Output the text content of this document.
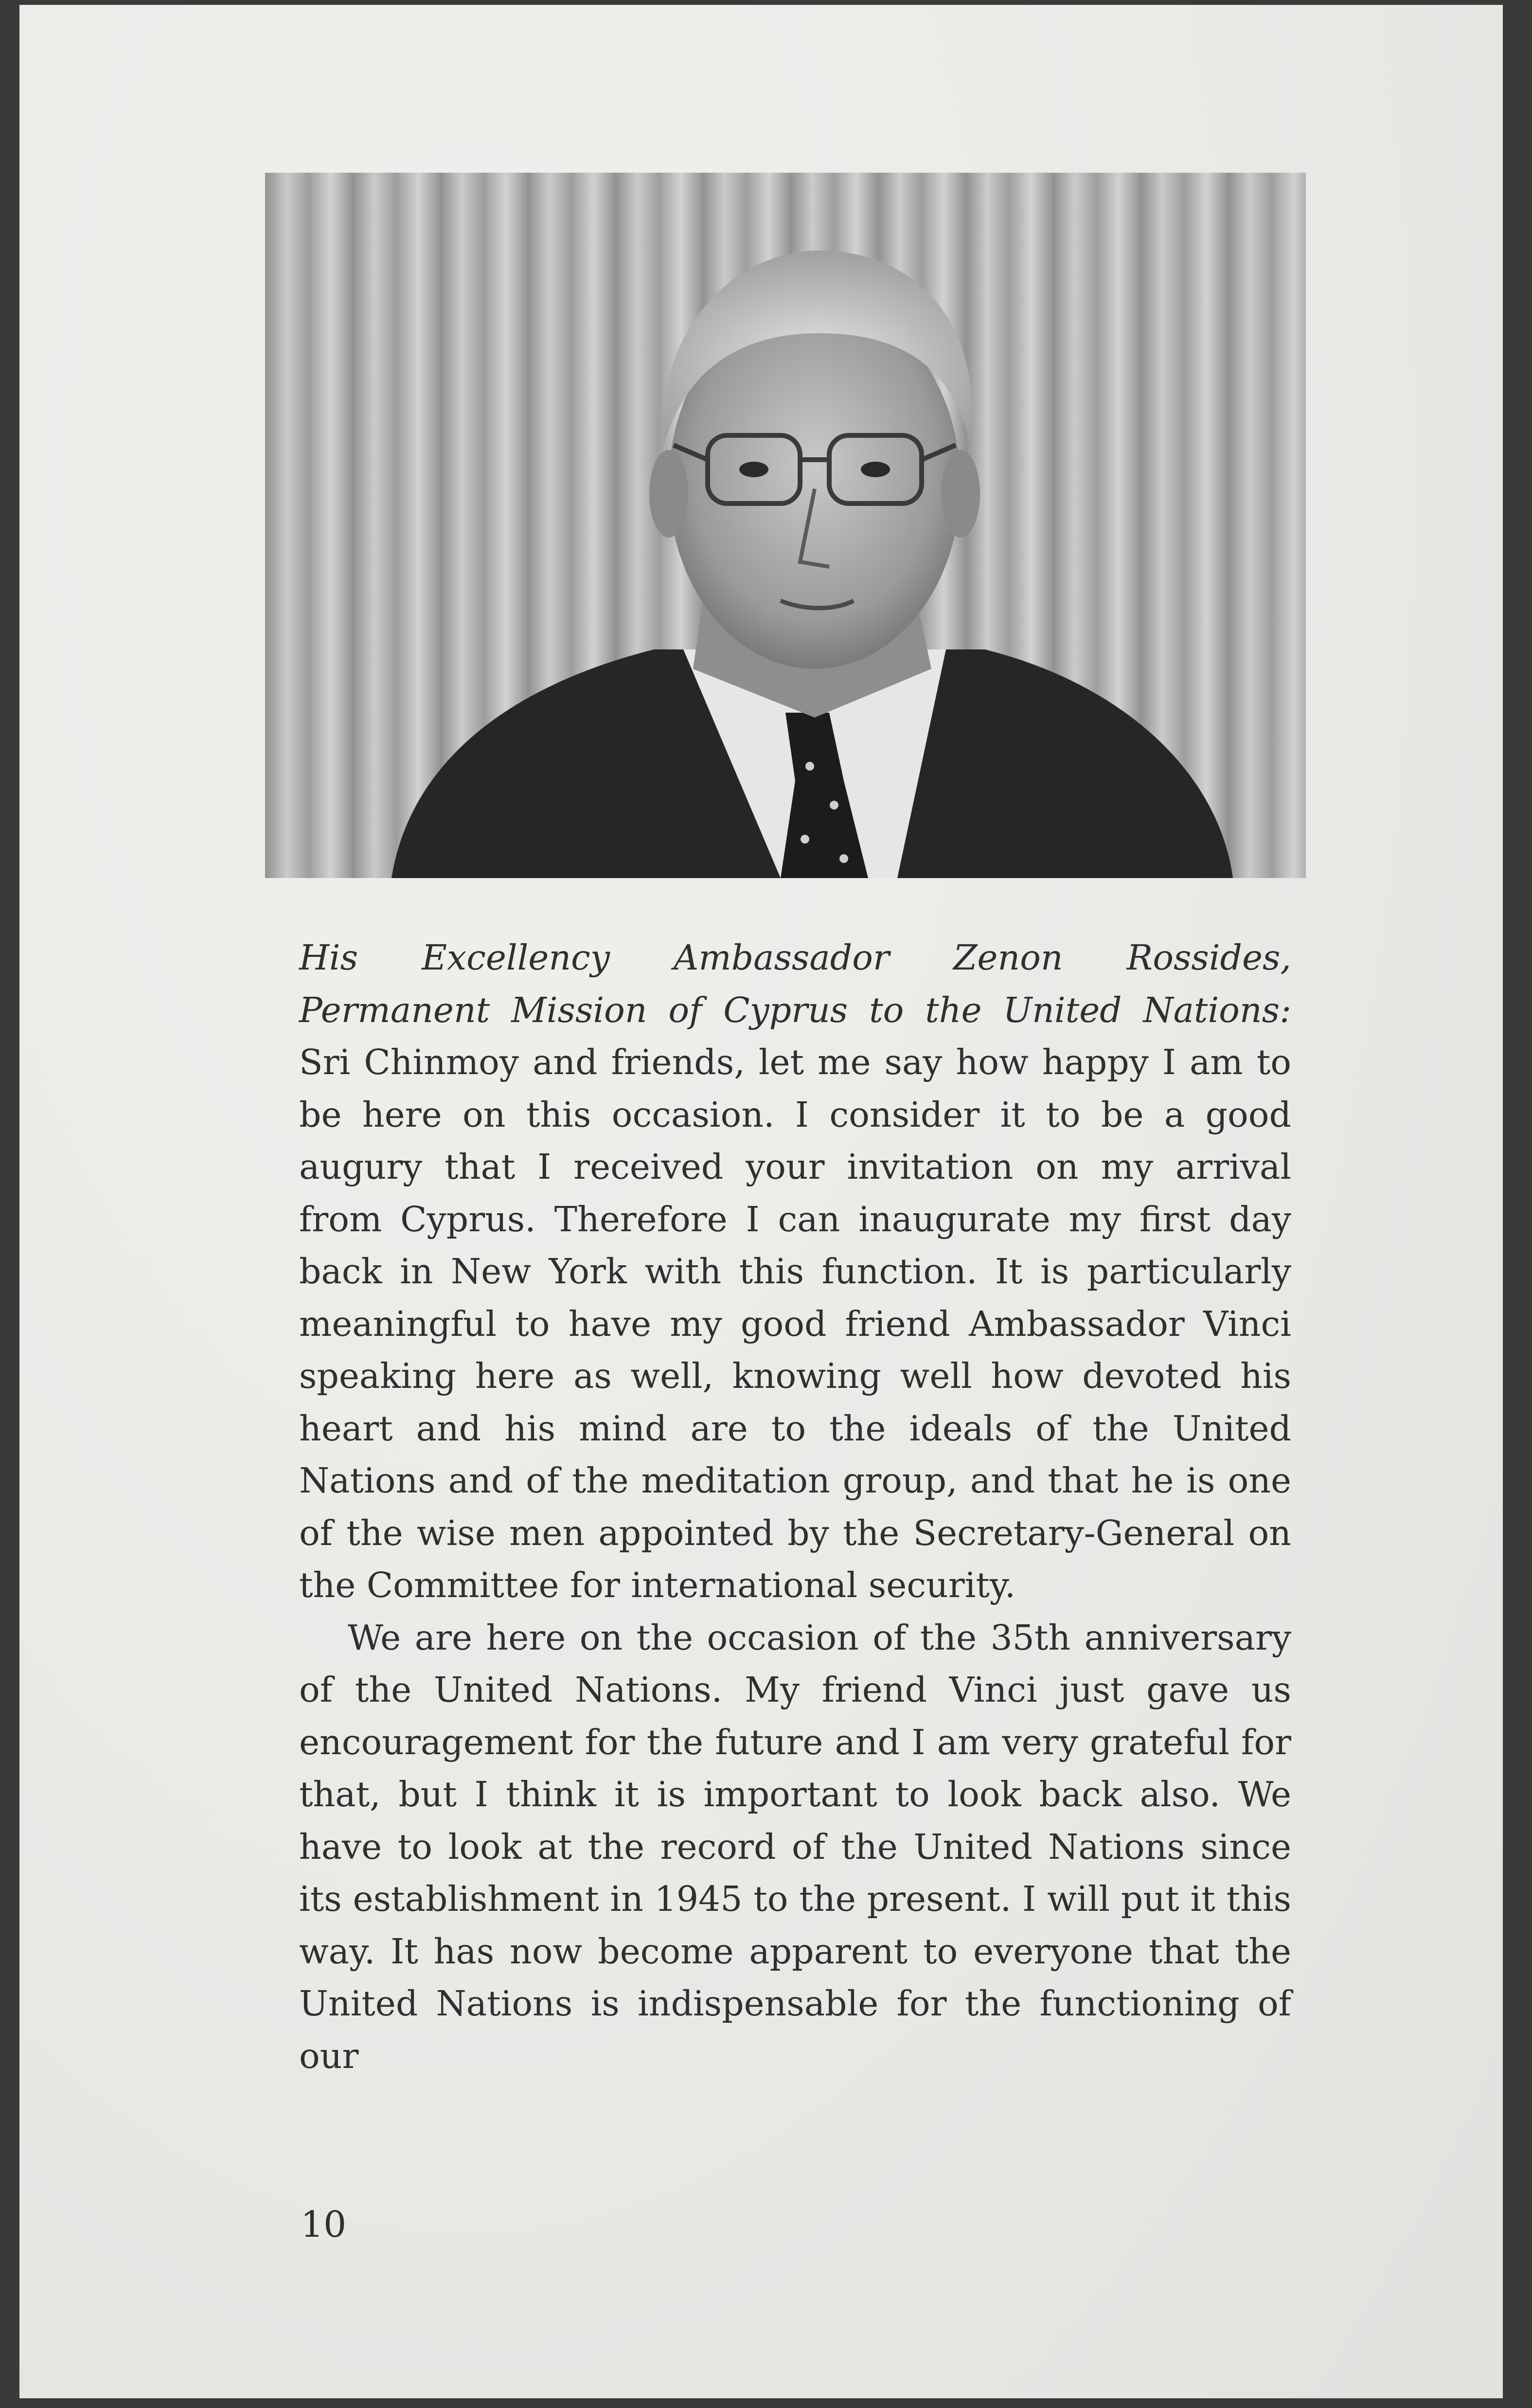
His Excellency Ambassador Zenon Rossides, Permanent Mission of Cyprus to the United Nations: Sri Chinmoy and friends, let me say how happy I am to be here on this occasion. I consider it to be a good augury that I received your invitation on my arrival from Cyprus. Therefore I can inaugurate my first day back in New York with this function. It is particularly meaningful to have my good friend Ambassador Vinci speaking here as well, knowing well how devoted his heart and his mind are to the ideals of the United Nations and of the meditation group, and that he is one of the wise men appointed by the Secretary-General on the Committee for international security.

We are here on the occasion of the 35th anniversary of the United Nations. My friend Vinci just gave us encouragement for the future and I am very grateful for that, but I think it is important to look back also. We have to look at the record of the United Nations since its establishment in 1945 to the present. I will put it this way. It has now become apparent to everyone that the United Nations is indispensable for the functioning of our

10
